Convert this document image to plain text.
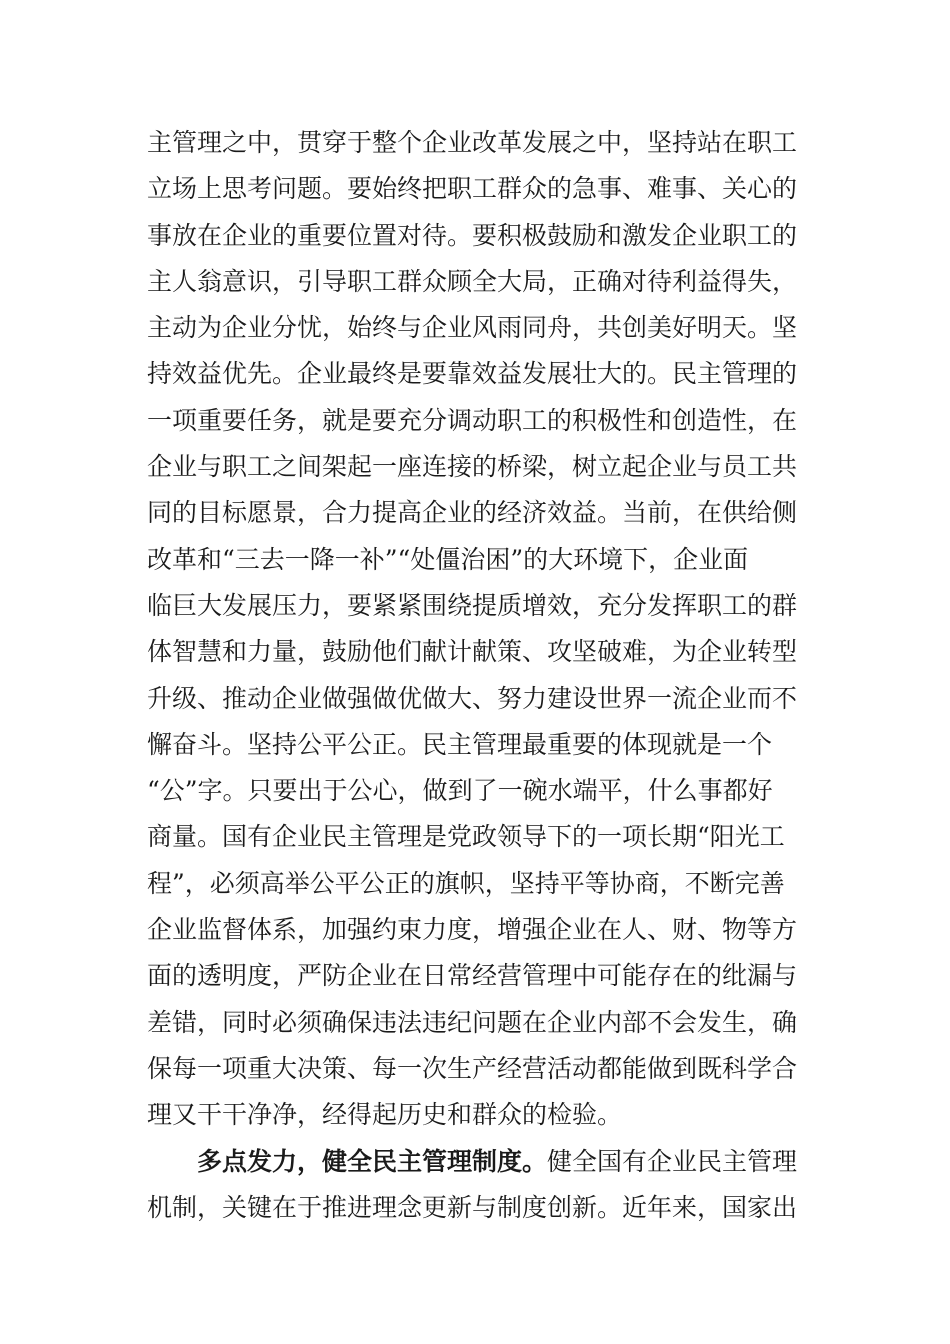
主管理之中，贯穿于整个企业改革发展之中，坚持站在职工
立场上思考问题。要始终把职工群众的急事、难事、关心的
事放在企业的重要位置对待。要积极鼓励和激发企业职工的
主人翁意识，引导职工群众顾全大局，正确对待利益得失，
主动为企业分忧，始终与企业风雨同舟，共创美好明天。坚
持效益优先。企业最终是要靠效益发展壮大的。民主管理的
一项重要任务，就是要充分调动职工的积极性和创造性，在
企业与职工之间架起一座连接的桥梁，树立起企业与员工共
同的目标愿景，合力提高企业的经济效益。当前，在供给侧
改革和“三去一降一补”“处僵治困”的大环境下，企业面
临巨大发展压力，要紧紧围绕提质增效，充分发挥职工的群
体智慧和力量，鼓励他们献计献策、攻坚破难，为企业转型
升级、推动企业做强做优做大、努力建设世界一流企业而不
懈奋斗。坚持公平公正。民主管理最重要的体现就是一个
“公”字。只要出于公心，做到了一碗水端平，什么事都好
商量。国有企业民主管理是党政领导下的一项长期“阳光工
程”，必须高举公平公正的旗帜，坚持平等协商，不断完善
企业监督体系，加强约束力度，增强企业在人、财、物等方
面的透明度，严防企业在日常经营管理中可能存在的纰漏与
差错，同时必须确保违法违纪问题在企业内部不会发生，确
保每一项重大决策、每一次生产经营活动都能做到既科学合
理又干干净净，经得起历史和群众的检验。
多点发力，健全民主管理制度。健全国有企业民主管理
机制，关键在于推进理念更新与制度创新。近年来，国家出
